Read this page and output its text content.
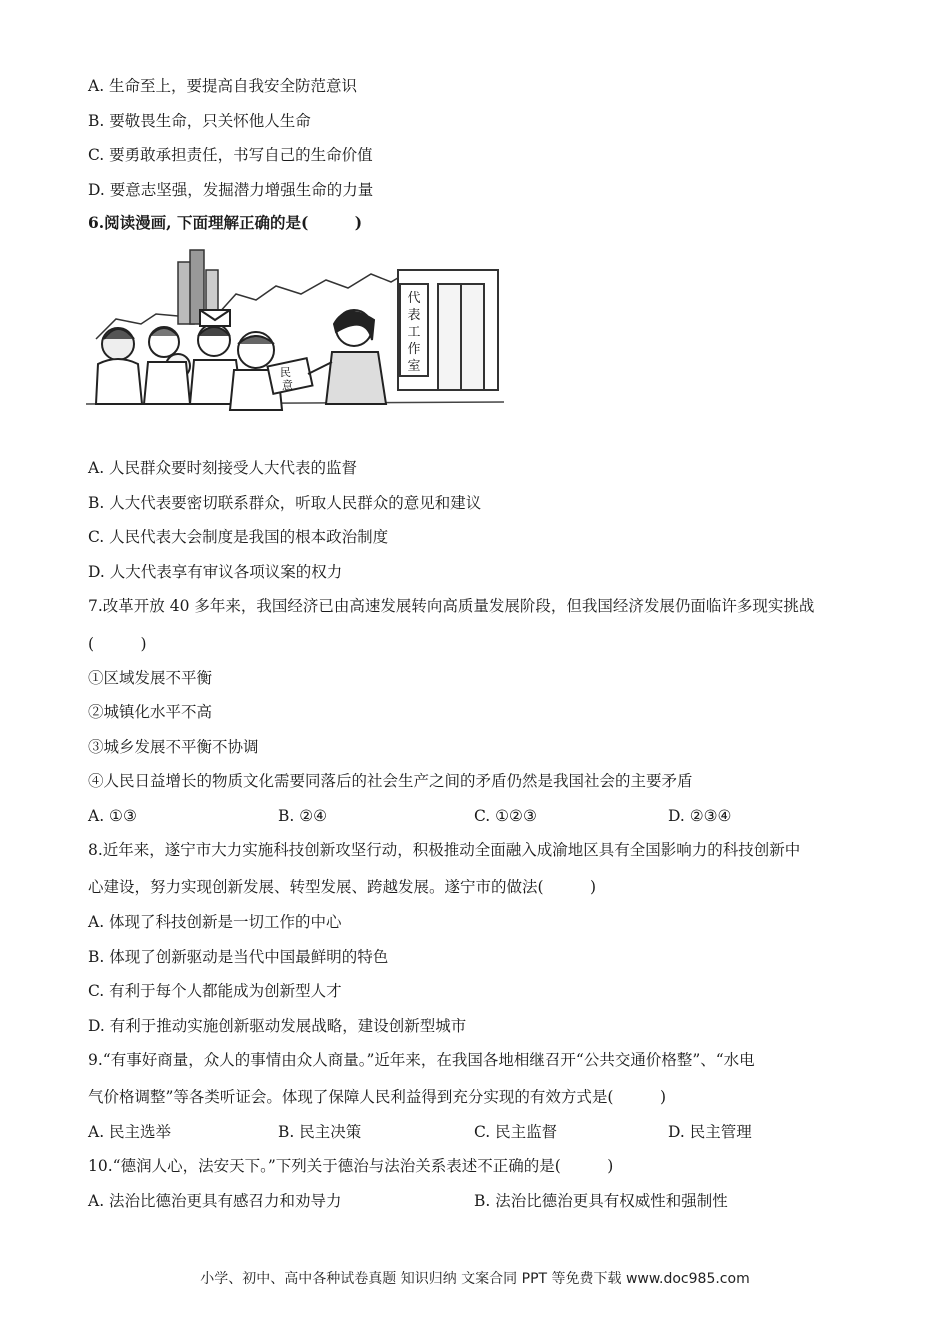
A. 生命至上，要提高自我安全防范意识
B. 要敬畏生命，只关怀他人生命
C. 要勇敢承担责任，书写自己的生命价值
D. 要意志坚强，发掘潜力增强生命的力量
6.阅读漫画, 下面理解正确的是(　　　)
代
表
工
作
室
民
意
A. 人民群众要时刻接受人大代表的监督
B. 人大代表要密切联系群众，听取人民群众的意见和建议
C. 人民代表大会制度是我国的根本政治制度
D. 人大代表享有审议各项议案的权力
7.改革开放 40 多年来，我国经济已由高速发展转向高质量发展阶段，但我国经济发展仍面临许多现实挑战
(　　　)
①区域发展不平衡
②城镇化水平不高
③城乡发展不平衡不协调
④人民日益增长的物质文化需要同落后的社会生产之间的矛盾仍然是我国社会的主要矛盾
A. ①③	B. ②④	C. ①②③	D. ②③④
8.近年来，遂宁市大力实施科技创新攻坚行动，积极推动全面融入成渝地区具有全国影响力的科技创新中
心建设，努力实现创新发展、转型发展、跨越发展。遂宁市的做法(　　　)
A. 体现了科技创新是一切工作的中心
B. 体现了创新驱动是当代中国最鲜明的特色
C. 有利于每个人都能成为创新型人才
D. 有利于推动实施创新驱动发展战略，建设创新型城市
9.“有事好商量，众人的事情由众人商量。”近年来，在我国各地相继召开“公共交通价格整”、“水电
气价格调整”等各类听证会。体现了保障人民利益得到充分实现的有效方式是(　　　)
A. 民主选举	B. 民主决策	C. 民主监督	D. 民主管理
10.“德润人心，法安天下。”下列关于德治与法治关系表述不正确的是(　　　)
A. 法治比德治更具有感召力和劝导力	B. 法治比德治更具有权威性和强制性
小学、初中、高中各种试卷真题 知识归纳 文案合同 PPT 等免费下载 www.doc985.com
